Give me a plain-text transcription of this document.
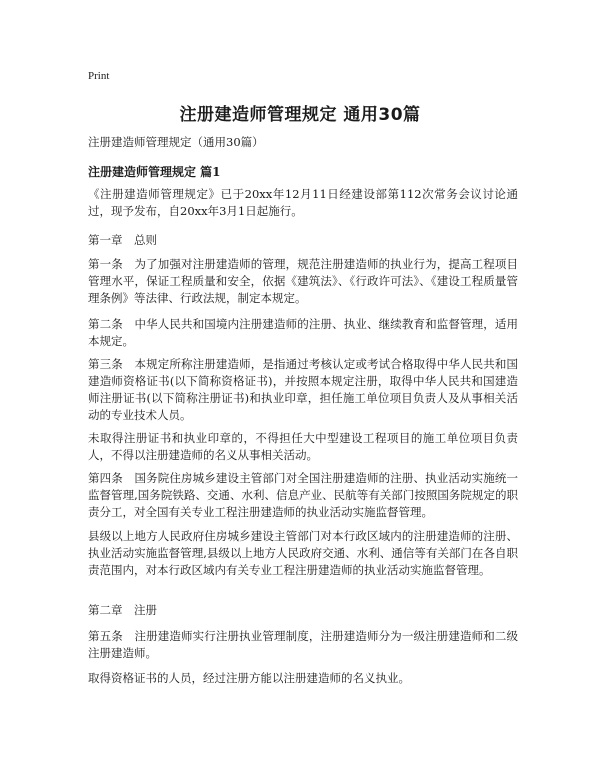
Print
注册建造师管理规定 通用30篇
注册建造师管理规定（通用30篇）
注册建造师管理规定 篇1

《注册建造师管理规定》已于20xx年12月11日经建设部第112次常务会议讨论通过，现予发布，自20xx年3月1日起施行。

第一章　总则

第一条　为了加强对注册建造师的管理，规范注册建造师的执业行为，提高工程项目管理水平，保证工程质量和安全，依据《建筑法》、《行政许可法》、《建设工程质量管理条例》等法律、行政法规，制定本规定。

第二条　中华人民共和国境内注册建造师的注册、执业、继续教育和监督管理，适用本规定。

第三条　本规定所称注册建造师，是指通过考核认定或考试合格取得中华人民共和国建造师资格证书(以下简称资格证书)，并按照本规定注册，取得中华人民共和国建造师注册证书(以下简称注册证书)和执业印章，担任施工单位项目负责人及从事相关活动的专业技术人员。

未取得注册证书和执业印章的，不得担任大中型建设工程项目的施工单位项目负责人，不得以注册建造师的名义从事相关活动。

第四条　国务院住房城乡建设主管部门对全国注册建造师的注册、执业活动实施统一监督管理,国务院铁路、交通、水利、信息产业、民航等有关部门按照国务院规定的职责分工，对全国有关专业工程注册建造师的执业活动实施监督管理。

县级以上地方人民政府住房城乡建设主管部门对本行政区域内的注册建造师的注册、执业活动实施监督管理,县级以上地方人民政府交通、水利、通信等有关部门在各自职责范围内，对本行政区域内有关专业工程注册建造师的执业活动实施监督管理。

第二章　注册

第五条　注册建造师实行注册执业管理制度，注册建造师分为一级注册建造师和二级注册建造师。

取得资格证书的人员，经过注册方能以注册建造师的名义执业。
